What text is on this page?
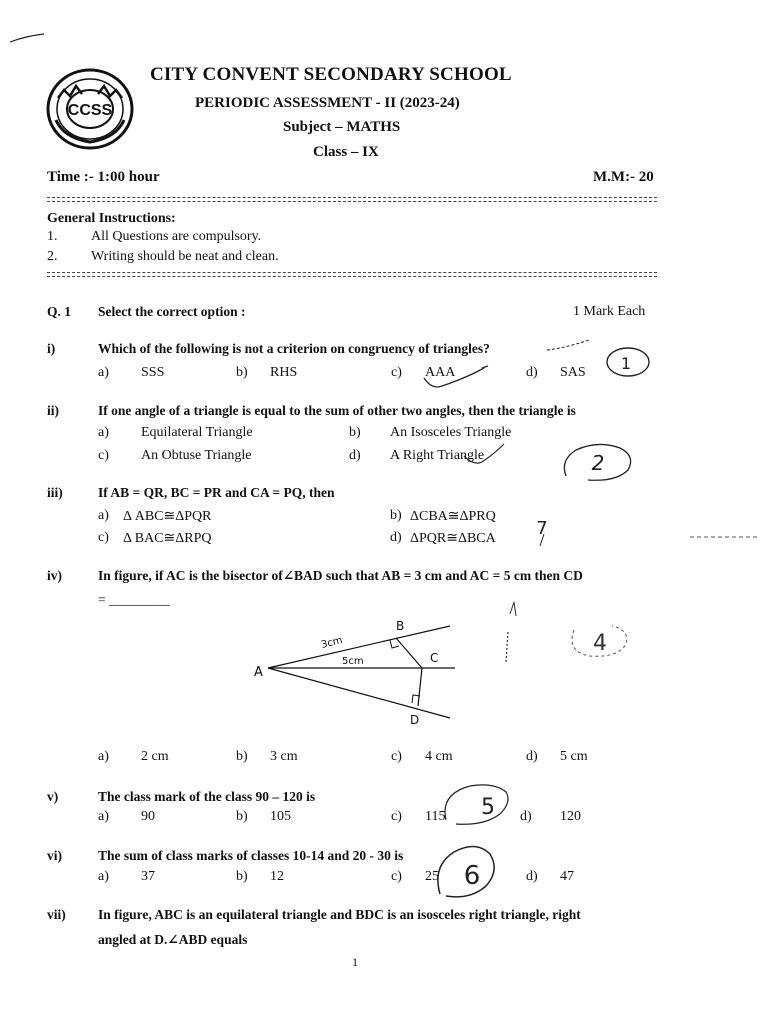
CCSS
CITY CONVENT SECONDARY SCHOOL
PERIODIC ASSESSMENT - II (2023-24)
Subject – MATHS
Class – IX
Time :- 1:00 hour	M.M:- 20
General Instructions:
1. All Questions are compulsory.
2. Writing should be neat and clean.
Q. 1 Select the correct option :	1 Mark Each
i)	Which of the following is not a criterion on congruency of triangles?
a) SSS	b) RHS	c) AAA	d) SAS 1
ii)	If one angle of a triangle is equal to the sum of other two angles, then the triangle is
a) Equilateral Triangle	b) An Isosceles Triangle
c) An Obtuse Triangle	d) A Right Triangle	2
iii)	If AB = QR, BC = PR and CA = PQ, then
a) Δ ABC≅ΔPQR	b) ΔCBA≅ΔPRQ
c) Δ BAC≅ΔRPQ	d) ΔPQR≅ΔBCA 7
iv)	In figure, if AC is the bisector of∠BAD such that AB = 3 cm and AC = 5 cm then CD
= _________
A
B
C
D
3cm
5cm
4
a) 2 cm	b) 3 cm	c) 4 cm	d) 5 cm
v)	The class mark of the class 90 – 120 is
a) 90	b) 105	c) 115	d) 120
5
vi)	The sum of class marks of classes 10-14 and 20 - 30 is
a) 37	b) 12	c) 25	d) 47
6
vii) In figure, ABC is an equilateral triangle and BDC is an isosceles right triangle, right
angled at D.∠ABD equals
1
